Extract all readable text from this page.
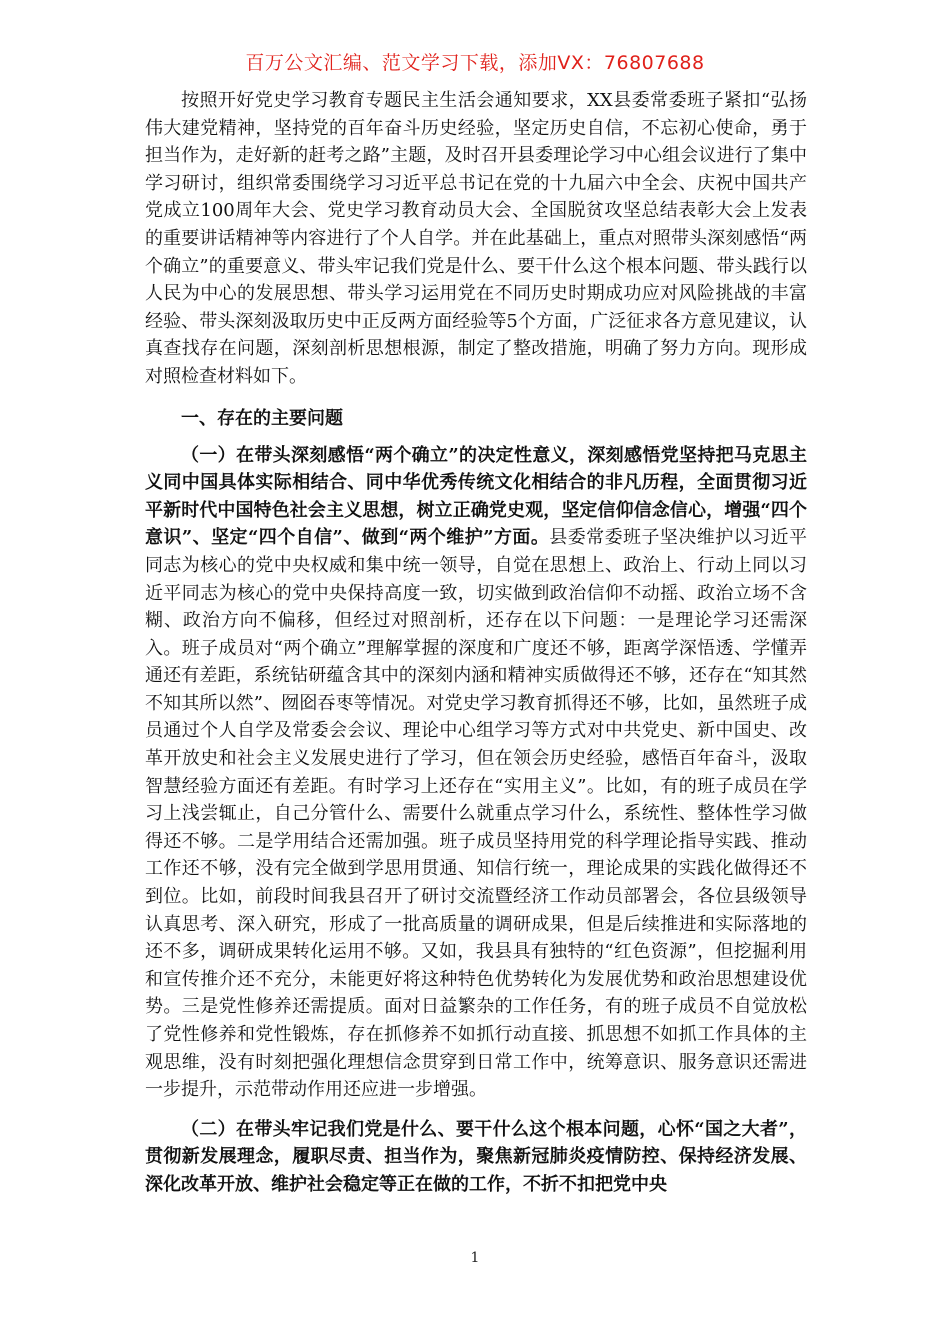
百万公文汇编、范文学习下载，添加VX：76807688

按照开好党史学习教育专题民主生活会通知要求，XX县委常委班子紧扣“弘扬伟大建党精神，坚持党的百年奋斗历史经验，坚定历史自信，不忘初心使命，勇于担当作为，走好新的赶考之路”主题，及时召开县委理论学习中心组会议进行了集中学习研讨，组织常委围绕学习习近平总书记在党的十九届六中全会、庆祝中国共产党成立100周年大会、党史学习教育动员大会、全国脱贫攻坚总结表彰大会上发表的重要讲话精神等内容进行了个人自学。并在此基础上，重点对照带头深刻感悟“两个确立”的重要意义、带头牢记我们党是什么、要干什么这个根本问题、带头践行以人民为中心的发展思想、带头学习运用党在不同历史时期成功应对风险挑战的丰富经验、带头深刻汲取历史中正反两方面经验等5个方面，广泛征求各方意见建议，认真查找存在问题，深刻剖析思想根源，制定了整改措施，明确了努力方向。现形成对照检查材料如下。

一、存在的主要问题

（一）在带头深刻感悟“两个确立”的决定性意义，深刻感悟党坚持把马克思主义同中国具体实际相结合、同中华优秀传统文化相结合的非凡历程，全面贯彻习近平新时代中国特色社会主义思想，树立正确党史观，坚定信仰信念信心，增强“四个意识”、坚定“四个自信”、做到“两个维护”方面。县委常委班子坚决维护以习近平同志为核心的党中央权威和集中统一领导，自觉在思想上、政治上、行动上同以习近平同志为核心的党中央保持高度一致，切实做到政治信仰不动摇、政治立场不含糊、政治方向不偏移，但经过对照剖析，还存在以下问题：一是理论学习还需深入。班子成员对“两个确立”理解掌握的深度和广度还不够，距离学深悟透、学懂弄通还有差距，系统钻研蕴含其中的深刻内涵和精神实质做得还不够，还存在“知其然不知其所以然”、囫囵吞枣等情况。对党史学习教育抓得还不够，比如，虽然班子成员通过个人自学及常委会会议、理论中心组学习等方式对中共党史、新中国史、改革开放史和社会主义发展史进行了学习，但在领会历史经验，感悟百年奋斗，汲取智慧经验方面还有差距。有时学习上还存在“实用主义”。比如，有的班子成员在学习上浅尝辄止，自己分管什么、需要什么就重点学习什么，系统性、整体性学习做得还不够。二是学用结合还需加强。班子成员坚持用党的科学理论指导实践、推动工作还不够，没有完全做到学思用贯通、知信行统一，理论成果的实践化做得还不到位。比如，前段时间我县召开了研讨交流暨经济工作动员部署会，各位县级领导认真思考、深入研究，形成了一批高质量的调研成果，但是后续推进和实际落地的还不多，调研成果转化运用不够。又如，我县具有独特的“红色资源”，但挖掘利用和宣传推介还不充分，未能更好将这种特色优势转化为发展优势和政治思想建设优势。三是党性修养还需提质。面对日益繁杂的工作任务，有的班子成员不自觉放松了党性修养和党性锻炼，存在抓修养不如抓行动直接、抓思想不如抓工作具体的主观思维，没有时刻把强化理想信念贯穿到日常工作中，统筹意识、服务意识还需进一步提升，示范带动作用还应进一步增强。

（二）在带头牢记我们党是什么、要干什么这个根本问题，心怀“国之大者”，贯彻新发展理念，履职尽责、担当作为，聚焦新冠肺炎疫情防控、保持经济发展、深化改革开放、维护社会稳定等正在做的工作，不折不扣把党中央

1
